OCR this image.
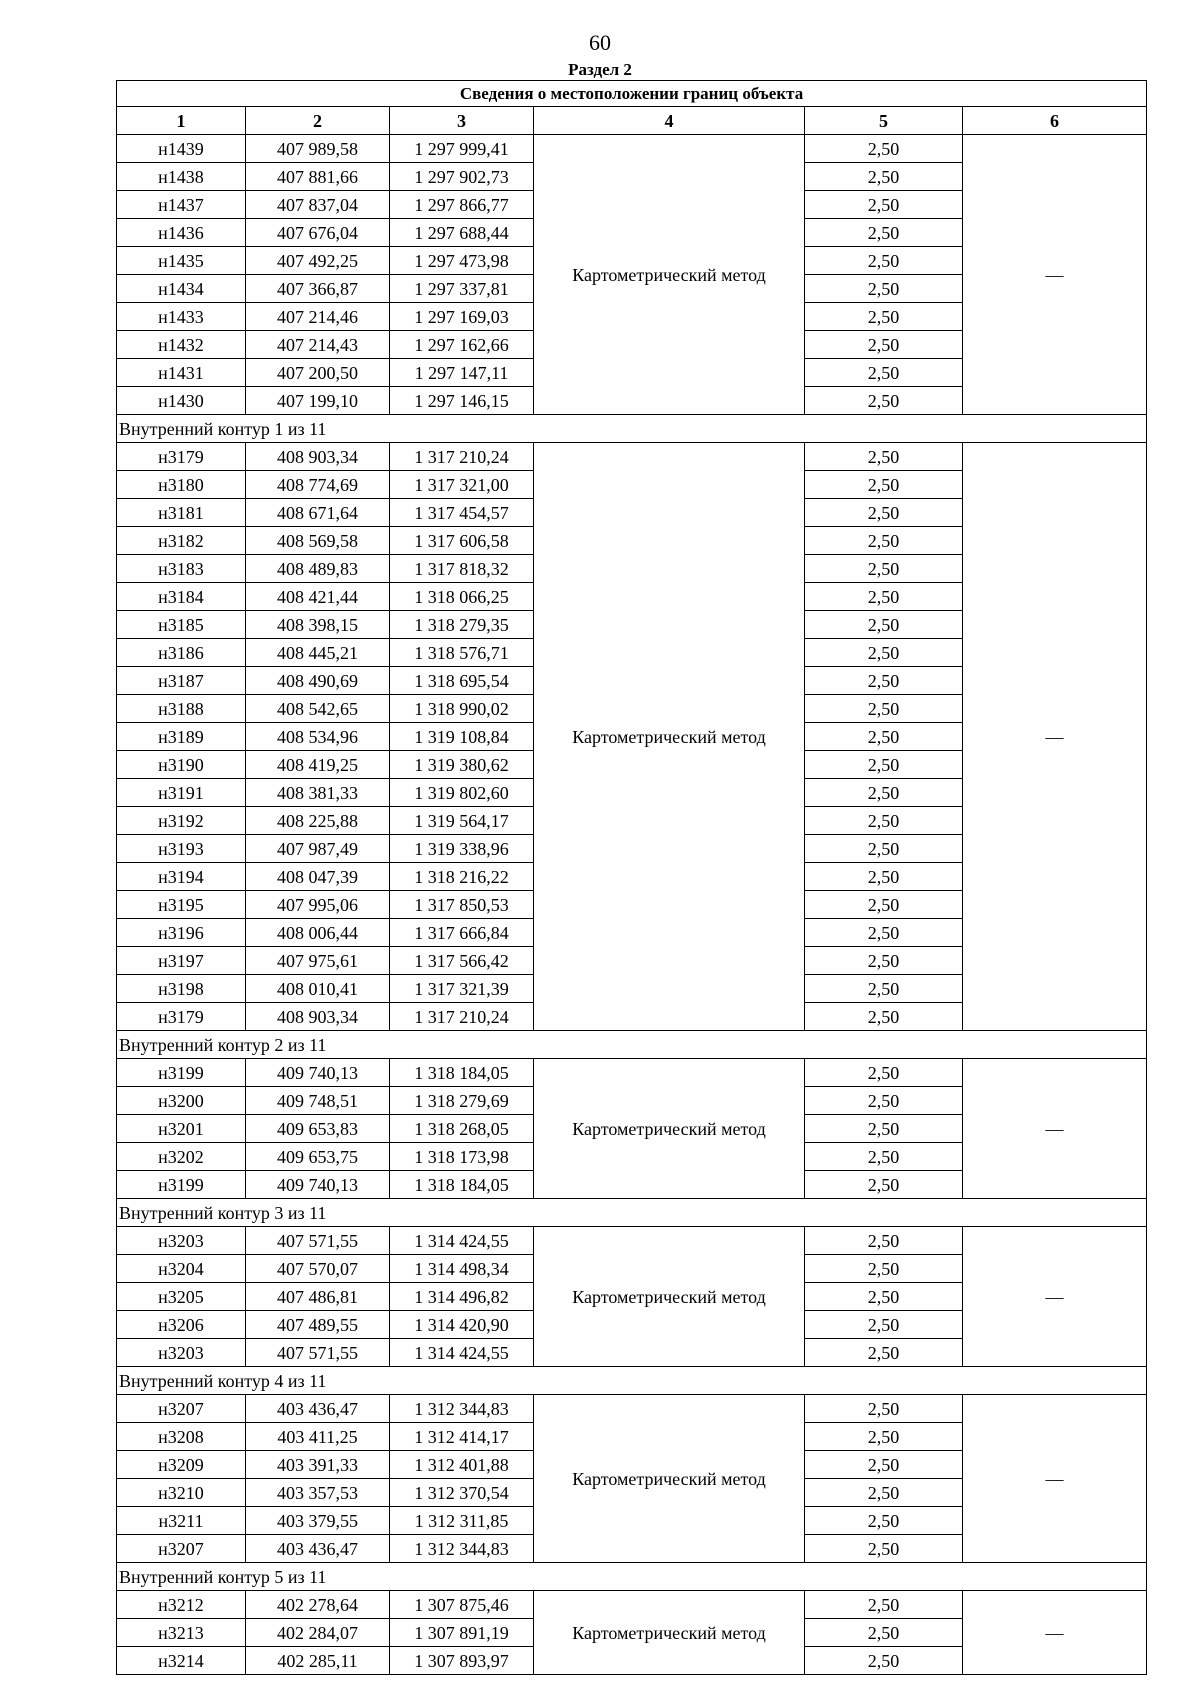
60
Раздел 2
Сведения о местоположении границ объекта					
1	2	3	4	5	6
н1439	407 989,58	1 297 999,41	Картометрический метод	2,50	—
н1438	407 881,66	1 297 902,73		2,50	
н1437	407 837,04	1 297 866,77		2,50	
н1436	407 676,04	1 297 688,44		2,50	
н1435	407 492,25	1 297 473,98		2,50	
н1434	407 366,87	1 297 337,81		2,50	
н1433	407 214,46	1 297 169,03		2,50	
н1432	407 214,43	1 297 162,66		2,50	
н1431	407 200,50	1 297 147,11		2,50	
н1430	407 199,10	1 297 146,15		2,50	
Внутренний контур 1 из 11					
н3179	408 903,34	1 317 210,24	Картометрический метод	2,50	—
н3180	408 774,69	1 317 321,00		2,50	
н3181	408 671,64	1 317 454,57		2,50	
н3182	408 569,58	1 317 606,58		2,50	
н3183	408 489,83	1 317 818,32		2,50	
н3184	408 421,44	1 318 066,25		2,50	
н3185	408 398,15	1 318 279,35		2,50	
н3186	408 445,21	1 318 576,71		2,50	
н3187	408 490,69	1 318 695,54		2,50	
н3188	408 542,65	1 318 990,02		2,50	
н3189	408 534,96	1 319 108,84		2,50	
н3190	408 419,25	1 319 380,62		2,50	
н3191	408 381,33	1 319 802,60		2,50	
н3192	408 225,88	1 319 564,17		2,50	
н3193	407 987,49	1 319 338,96		2,50	
н3194	408 047,39	1 318 216,22		2,50	
н3195	407 995,06	1 317 850,53		2,50	
н3196	408 006,44	1 317 666,84		2,50	
н3197	407 975,61	1 317 566,42		2,50	
н3198	408 010,41	1 317 321,39		2,50	
н3179	408 903,34	1 317 210,24		2,50	
Внутренний контур 2 из 11					
н3199	409 740,13	1 318 184,05	Картометрический метод	2,50	—
н3200	409 748,51	1 318 279,69		2,50	
н3201	409 653,83	1 318 268,05		2,50	
н3202	409 653,75	1 318 173,98		2,50	
н3199	409 740,13	1 318 184,05		2,50	
Внутренний контур 3 из 11					
н3203	407 571,55	1 314 424,55	Картометрический метод	2,50	—
н3204	407 570,07	1 314 498,34		2,50	
н3205	407 486,81	1 314 496,82		2,50	
н3206	407 489,55	1 314 420,90		2,50	
н3203	407 571,55	1 314 424,55		2,50	
Внутренний контур 4 из 11					
н3207	403 436,47	1 312 344,83	Картометрический метод	2,50	—
н3208	403 411,25	1 312 414,17		2,50	
н3209	403 391,33	1 312 401,88		2,50	
н3210	403 357,53	1 312 370,54		2,50	
н3211	403 379,55	1 312 311,85		2,50	
н3207	403 436,47	1 312 344,83		2,50	
Внутренний контур 5 из 11					
н3212	402 278,64	1 307 875,46	Картометрический метод	2,50	—
н3213	402 284,07	1 307 891,19		2,50	
н3214	402 285,11	1 307 893,97		2,50	
